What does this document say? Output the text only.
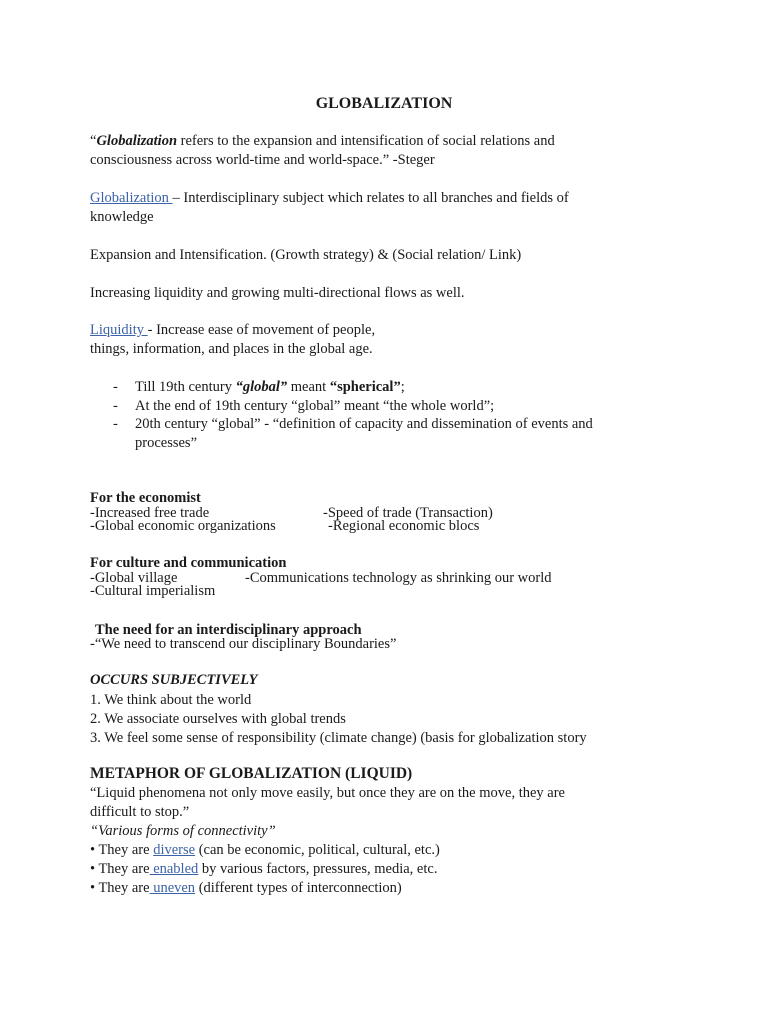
GLOBALIZATION
“Globalization refers to the expansion and intensification of social relations and
consciousness across world-time and world-space.” -Steger
Globalization – Interdisciplinary subject which relates to all branches and fields of
knowledge
Expansion and Intensification. (Growth strategy) & (Social relation/ Link)
Increasing liquidity and growing multi-directional flows as well.
Liquidity - Increase ease of movement of people,
things, information, and places in the global age.
- Till 19th century “global” meant “spherical”;
- At the end of 19th century “global” meant “the whole world”;
- 20th century “global” - “definition of capacity and dissemination of events and
processes”
For the economist
-Increased free trade	-Speed of trade (Transaction)
-Global economic organizations	-Regional economic blocs
For culture and communication
-Global village	-Communications technology as shrinking our world
-Cultural imperialism
The need for an interdisciplinary approach
-“We need to transcend our disciplinary Boundaries”
OCCURS SUBJECTIVELY
1. We think about the world
2. We associate ourselves with global trends
3. We feel some sense of responsibility (climate change) (basis for globalization story
METAPHOR OF GLOBALIZATION (LIQUID)
“Liquid phenomena not only move easily, but once they are on the move, they are
difficult to stop.”
“Various forms of connectivity”
• They are diverse (can be economic, political, cultural, etc.)
• They are enabled by various factors, pressures, media, etc.
• They are uneven (different types of interconnection)
